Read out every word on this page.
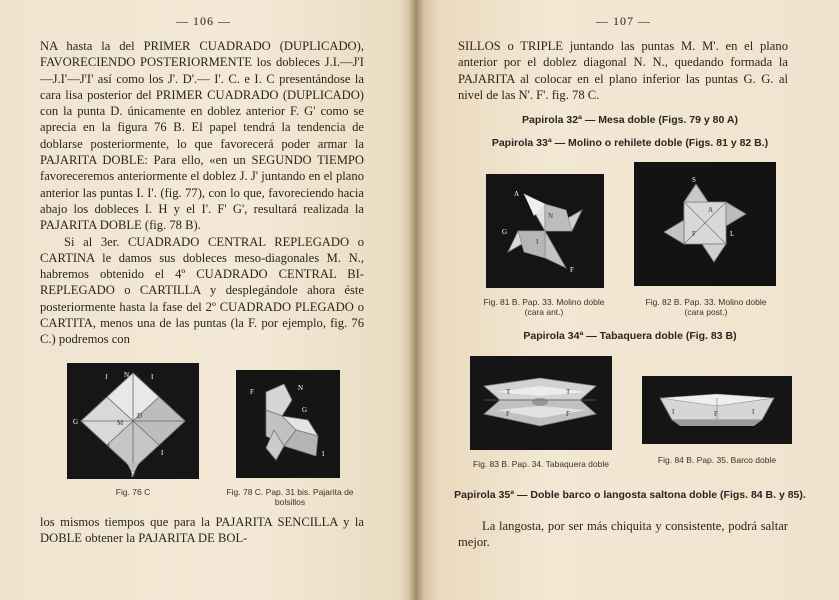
— 106 —

NA hasta la del PRIMER CUADRADO (DUPLICADO), FAVORECIENDO POSTERIORMENTE los dobleces J.I.—J'I—J.I'—J'I' así como los J'. D'.— I'. C. e I. C presentándose la cara lisa posterior del PRIMER CUADRADO (DUPLICADO) con la punta D. únicamente en doblez anterior F. G' como se aprecia en la figura 76 B. El papel tendrá la tendencia de doblarse posteriormente, lo que favorecerá poder armar la PAJARITA DOBLE: Para ello, «en un SEGUNDO TIEMPO favoreceremos anteriormente el doblez J. J' juntando en el plano anterior las puntas I. I'. (fig. 77), con lo que, favoreciendo hacia abajo los dobleces I. H y el I'. F' G', resultará realizada la PAJARITA DOBLE (fig. 78 B).

Si al 3er. CUADRADO CENTRAL REPLEGADO o CARTINA le damos sus dobleces meso-diagonales M. N., habremos obtenido el 4º CUADRADO CENTRAL BI-REPLEGADO o CARTILLA y desplegándole ahora éste posteriormente hasta la fase del 2º CUADRADO PLEGADO o CARTITA, menos una de las puntas (la F. por ejemplo, fig. 76 C.) podremos con

J N	I
G
D
M
J
F
I
Fig. 76 C
F	N
G
I
Fig. 78 C. Pap. 31 bis. Pajarita de bolsillos
los mismos tiempos que para la PAJARITA SENCILLA y la DOBLE obtener la PAJARITA DE BOL-
— 107 —
SILLOS o TRIPLE juntando las puntas M. M'. en el plano anterior por el doblez diagonal N. N., quedando formada la PAJARITA al colocar en el plano inferior las puntas G. G. al nivel de las N'. F'. fig. 78 C.
Papirola 32ª — Mesa doble (Figs. 79 y 80 A)
Papirola 33ª — Molino o rehilete doble (Figs. 81 y 82 B.)
A
G
N
I
F
Fig. 81 B. Pap. 33. Molino doble (cara ant.)
S
A
F	L
Fig. 82 B. Pap. 33. Molino doble (cara post.)
Papirola 34ª — Tabaquera doble (Fig. 83 B)
T	T
F	F
Fig. 83 B. Pap. 34. Tabaquera doble
I	F	I
Fig. 84 B. Pap. 35. Barco doble
Papirola 35ª — Doble barco o langosta saltona doble (Figs. 84 B. y 85).

La langosta, por ser más chiquita y consistente, podrá saltar mejor.
